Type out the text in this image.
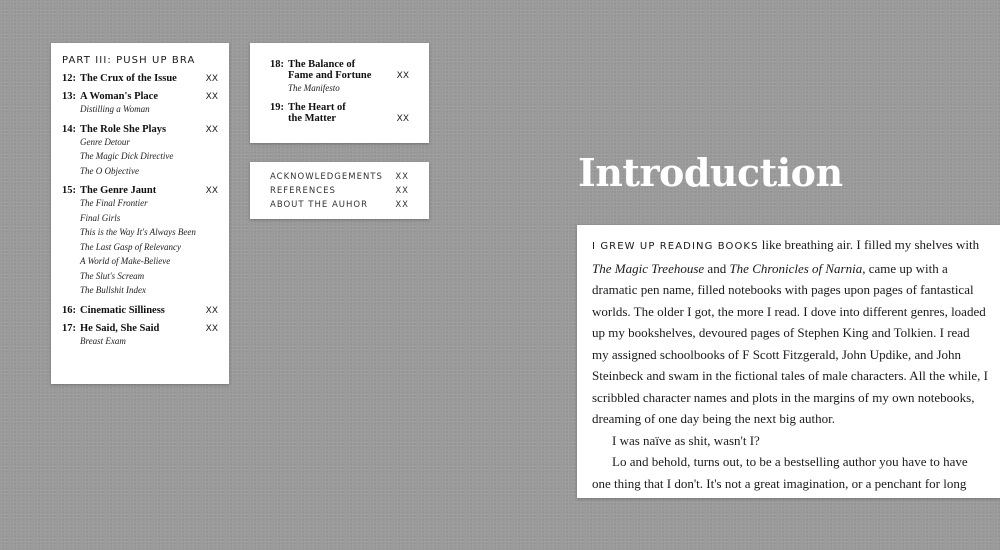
PART III: PUSH UP BRA
12: The Crux of the Issue	XX
13: A Woman's Place	XX
Distilling a Woman
14: The Role She Plays	XX
Genre Detour
The Magic Dick Directive
The O Objective
15: The Genre Jaunt	XX
The Final Frontier
Final Girls
This is the Way It's Always Been
The Last Gasp of Relevancy
A World of Make-Believe
The Slut's Scream
The Bullshit Index
16: Cinematic Silliness	XX
17: He Said, She Said	XX
Breast Exam
18: The Balance of
Fame and Fortune	XX
The Manifesto
19: The Heart of
the Matter	XX
ACKNOWLEDGEMENTS	XX
REFERENCES	XX
ABOUT THE AUHOR	XX
Introduction

I GREW UP READING BOOKS like breathing air. I filled my shelves with The Magic Treehouse and The Chronicles of Narnia, came up with a dramatic pen name, filled notebooks with pages upon pages of fantastical worlds. The older I got, the more I read. I dove into different genres, loaded up my bookshelves, devoured pages of Stephen King and Tolkien. I read my assigned schoolbooks of F Scott Fitzgerald, John Updike, and John Steinbeck and swam in the fictional tales of male characters. All the while, I scribbled character names and plots in the margins of my own notebooks, dreaming of one day being the next big author.

I was naïve as shit, wasn't I?

Lo and behold, turns out, to be a bestselling author you have to have one thing that I don't. It's not a great imagination, or a penchant for long
